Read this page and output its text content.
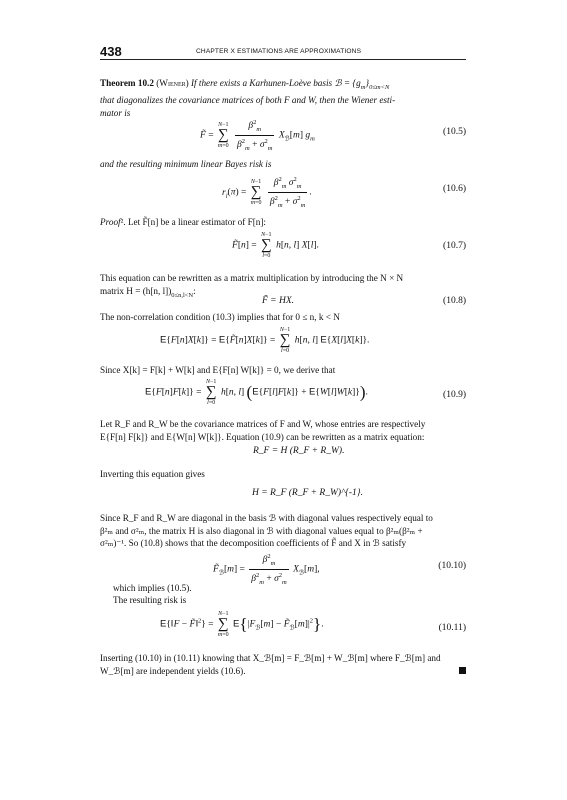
438	CHAPTER X ESTIMATIONS ARE APPROXIMATIONS
Theorem 10.2 (Wiener) If there exists a Karhunen-Loève basis ℬ = $\{g_m\}_{0\le m<N}$
that diagonalizes the covariance matrices of both F and W, then the Wiener esti-
mator is
F̃ =
N−1
∑
m=0
$\frac{\beta^2_m}{\beta^2_m + \sigma^2_m} X_ℬ[m]$ $g_m$
(10.5)
and the resulting minimum linear Bayes risk is
$r_l(\pi)$ =
N−1
∑
m=0
$\frac{\beta^2_m \sigma^2_m}{\beta^2_m + \sigma^2_m}$ .	(10.6)
Proof². Let F̃[n] be a linear estimator of F[n]:
F̃[n] =
N−1
∑
l=0
h[n, l] X[l].	(10.7)
This equation can be rewritten as a matrix multiplication by introducing the N × N
matrix H = (h[n, $l])_{0\le n,l<N}$:
F̃ = HX.	(10.8)
The non-correlation condition (10.3) implies that for 0 ≤ n, k < N
E{F[n]X[k]} = E{F̃[n]X[k]} =
N−1
∑
l=0
h[n, l] E{X[l]X[k]}.
Since X[k] = F[k] + W[k] and E{F[n] W[k]} = 0, we derive that
E{F[n]F[k]} =
N−1
∑
l=0
h[n, l] (E{F[l]F[k]} + E{W[l]W[k]}).	(10.9)
Let R_F and R_W be the covariance matrices of F and W, whose entries are respectively
E{F[n] F[k]} and E{W[n] W[k]}. Equation (10.9) can be rewritten as a matrix equation:
R_F = H (R_F + R_W).
Inverting this equation gives
H = R_F (R_F + R_W)^{-1}.
Since R_F and R_W are diagonal in the basis ℬ with diagonal values respectively equal to
β²ₘ and σ²ₘ, the matrix H is also diagonal in ℬ with diagonal values equal to β²ₘ(β²ₘ +
σ²ₘ)⁻¹. So (10.8) shows that the decomposition coefficients of F̃ and X in ℬ satisfy
$F̃_ℬ[m] = \frac{\beta^2_m}{\beta^2_m + \sigma^2_m} X_ℬ[m]$,	(10.10)
which implies (10.5).
The resulting risk is
E{‖F − F̃‖$^2$} =
N−1
∑
m=0
$E\{|F_ℬ[m]$ − $F̃_ℬ[m]|^2$}.	(10.11)
Inserting (10.10) in (10.11) knowing that X_ℬ[m] = F_ℬ[m] + W_ℬ[m] where F_ℬ[m] and
W_ℬ[m] are independent yields (10.6).
